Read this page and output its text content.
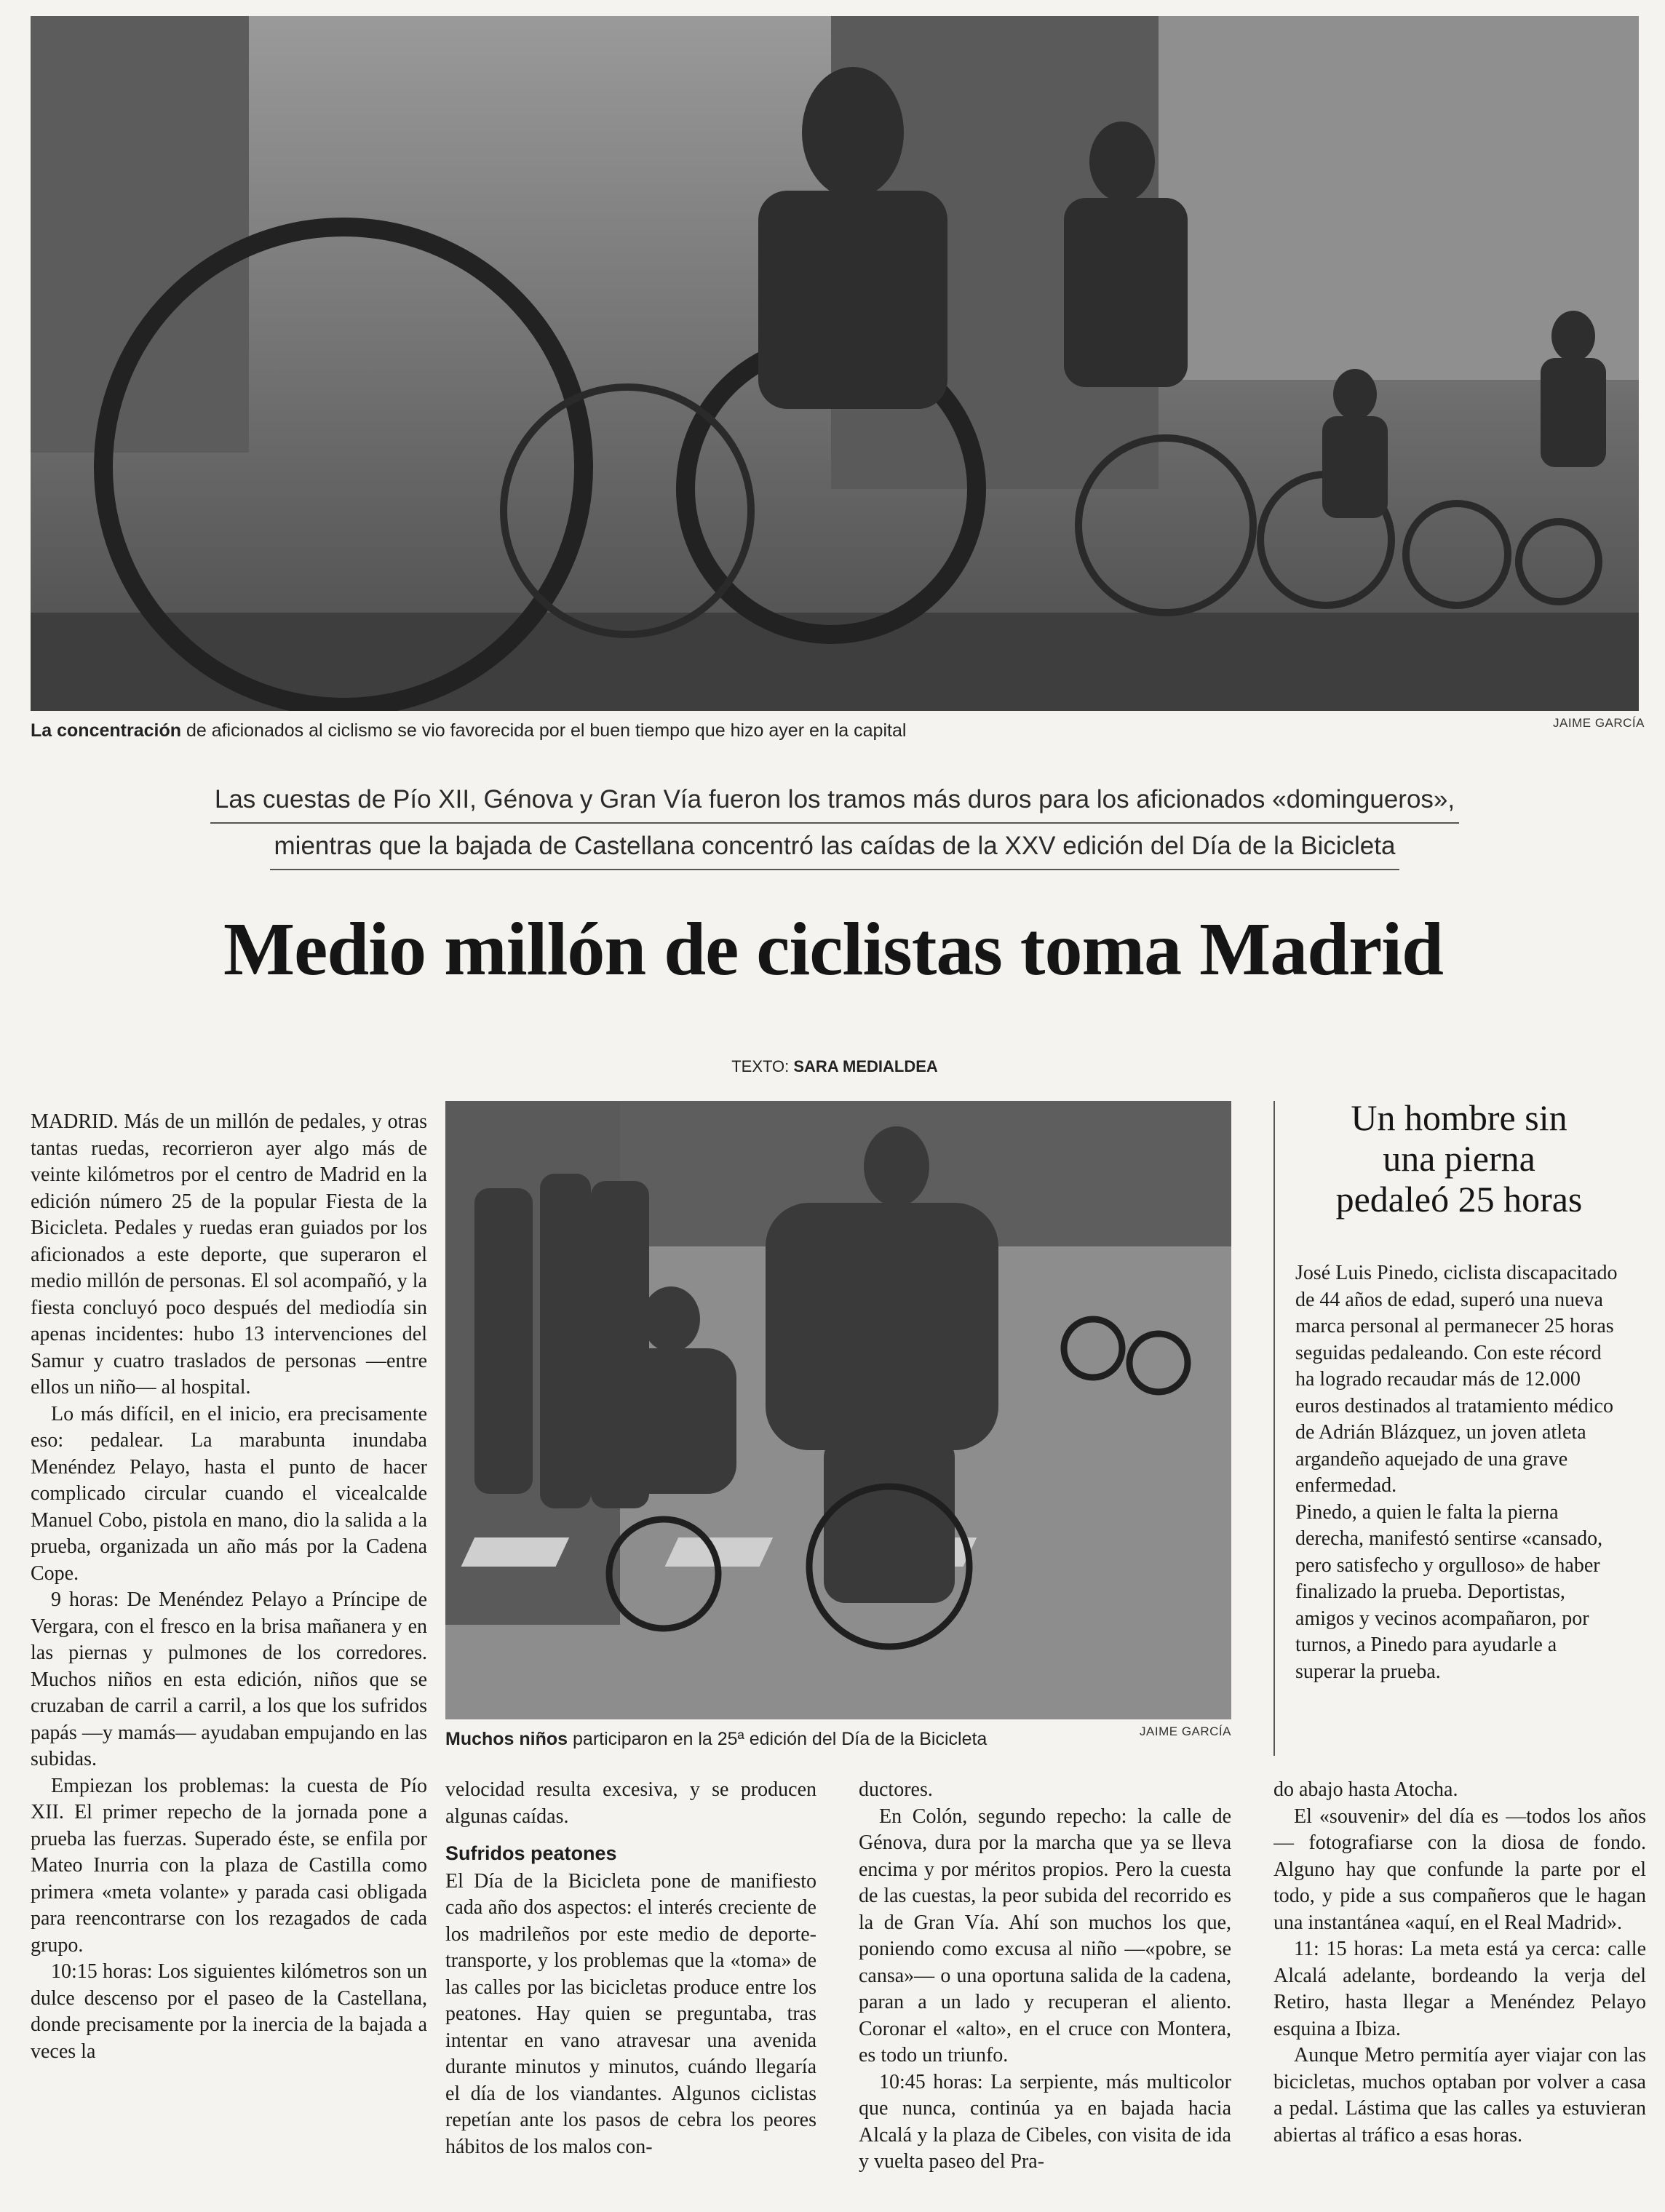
La concentración de aficionados al ciclismo se vio favorecida por el buen tiempo que hizo ayer en la capital	JAIME GARCÍA
Las cuestas de Pío XII, Génova y Gran Vía fueron los tramos más duros para los aficionados «domingueros»,
mientras que la bajada de Castellana concentró las caídas de la XXV edición del Día de la Bicicleta
Medio millón de ciclistas toma Madrid
TEXTO: SARA MEDIALDEA

MADRID. Más de un millón de pedales, y otras tantas ruedas, recorrieron ayer algo más de veinte kilómetros por el centro de Madrid en la edición número 25 de la popular Fiesta de la Bicicleta. Pedales y ruedas eran guiados por los aficionados a este deporte, que superaron el medio millón de personas. El sol acompañó, y la fiesta concluyó poco después del mediodía sin apenas incidentes: hubo 13 intervenciones del Samur y cuatro traslados de personas —entre ellos un niño— al hospital.

Lo más difícil, en el inicio, era precisamente eso: pedalear. La marabunta inundaba Menéndez Pelayo, hasta el punto de hacer complicado circular cuando el vicealcalde Manuel Cobo, pistola en mano, dio la salida a la prueba, organizada un año más por la Cadena Cope.

9 horas: De Menéndez Pelayo a Príncipe de Vergara, con el fresco en la brisa mañanera y en las piernas y pulmones de los corredores. Muchos niños en esta edición, niños que se cruzaban de carril a carril, a los que los sufridos papás —y mamás— ayudaban empujando en las subidas.

Empiezan los problemas: la cuesta de Pío XII. El primer repecho de la jornada pone a prueba las fuerzas. Superado éste, se enfila por Mateo Inurria con la plaza de Castilla como primera «meta volante» y parada casi obligada para reencontrarse con los rezagados de cada grupo.

10:15 horas: Los siguientes kilómetros son un dulce descenso por el paseo de la Castellana, donde precisamente por la inercia de la bajada a veces la

Muchos niños participaron en la 25ª edición del Día de la Bicicleta	JAIME GARCÍA

velocidad resulta excesiva, y se producen algunas caídas.

Sufridos peatones

El Día de la Bicicleta pone de manifiesto cada año dos aspectos: el interés creciente de los madrileños por este medio de deporte-transporte, y los problemas que la «toma» de las calles por las bicicletas produce entre los peatones. Hay quien se preguntaba, tras intentar en vano atravesar una avenida durante minutos y minutos, cuándo llegaría el día de los viandantes. Algunos ciclistas repetían ante los pasos de cebra los peores hábitos de los malos con-

ductores.

En Colón, segundo repecho: la calle de Génova, dura por la marcha que ya se lleva encima y por méritos propios. Pero la cuesta de las cuestas, la peor subida del recorrido es la de Gran Vía. Ahí son muchos los que, poniendo como excusa al niño —«pobre, se cansa»— o una oportuna salida de la cadena, paran a un lado y recuperan el aliento. Coronar el «alto», en el cruce con Montera, es todo un triunfo.

10:45 horas: La serpiente, más multicolor que nunca, continúa ya en bajada hacia Alcalá y la plaza de Cibeles, con visita de ida y vuelta paseo del Pra-

Un hombre sin
una pierna
pedaleó 25 horas

José Luis Pinedo, ciclista discapacitado de 44 años de edad, superó una nueva marca personal al permanecer 25 horas seguidas pedaleando. Con este récord ha logrado recaudar más de 12.000 euros destinados al tratamiento médico de Adrián Blázquez, un joven atleta argandeño aquejado de una grave enfermedad.

Pinedo, a quien le falta la pierna derecha, manifestó sentirse «cansado, pero satisfecho y orgulloso» de haber finalizado la prueba. Deportistas, amigos y vecinos acompañaron, por turnos, a Pinedo para ayudarle a superar la prueba.

do abajo hasta Atocha.

El «souvenir» del día es —todos los años— fotografiarse con la diosa de fondo. Alguno hay que confunde la parte por el todo, y pide a sus compañeros que le hagan una instantánea «aquí, en el Real Madrid».

11: 15 horas: La meta está ya cerca: calle Alcalá adelante, bordeando la verja del Retiro, hasta llegar a Menéndez Pelayo esquina a Ibiza.

Aunque Metro permitía ayer viajar con las bicicletas, muchos optaban por volver a casa a pedal. Lástima que las calles ya estuvieran abiertas al tráfico a esas horas.
